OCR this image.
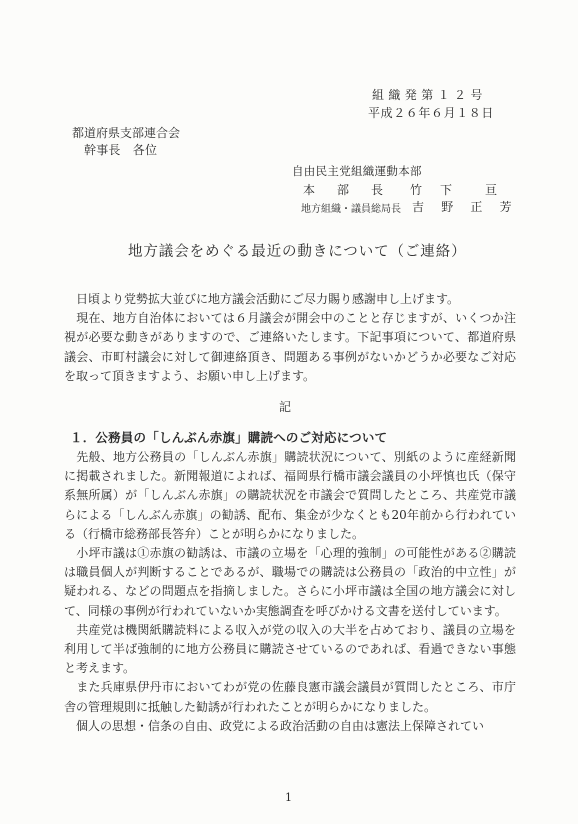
組織発第１２号
平成２６年６月１８日
都道府県支部連合会
幹事長　各位
自由民主党組織運動本部
本　部　長 竹　下　　亘
地方組織・議員総局長 吉　野　正　芳
地方議会をめぐる最近の動きについて（ご連絡）

　日頃より党勢拡大並びに地方議会活動にご尽力賜り感謝申し上げます。

　現在、地方自治体においては６月議会が開会中のことと存じますが、いくつか注視が必要な動きがありますので、ご連絡いたします。下記事項について、都道府県議会、市町村議会に対して御連絡頂き、問題ある事例がないかどうか必要なご対応を取って頂きますよう、お願い申し上げます。

記
１．公務員の「しんぶん赤旗」購読へのご対応について

　先般、地方公務員の「しんぶん赤旗」購読状況について、別紙のように産経新聞に掲載されました。新聞報道によれば、福岡県行橋市議会議員の小坪慎也氏（保守系無所属）が「しんぶん赤旗」の購読状況を市議会で質問したところ、共産党市議らによる「しんぶん赤旗」の勧誘、配布、集金が少なくとも20年前から行われている（行橋市総務部長答弁）ことが明らかになりました。

　小坪市議は①赤旗の勧誘は、市議の立場を「心理的強制」の可能性がある②購読は職員個人が判断することであるが、職場での購読は公務員の「政治的中立性」が疑われる、などの問題点を指摘しました。さらに小坪市議は全国の地方議会に対して、同様の事例が行われていないか実態調査を呼びかける文書を送付しています。

　共産党は機関紙購読料による収入が党の収入の大半を占めており、議員の立場を利用して半ば強制的に地方公務員に購読させているのであれば、看過できない事態と考えます。

　また兵庫県伊丹市においてわが党の佐藤良憲市議会議員が質問したところ、市庁舎の管理規則に抵触した勧誘が行われたことが明らかになりました。

　個人の思想・信条の自由、政党による政治活動の自由は憲法上保障されてい

1
